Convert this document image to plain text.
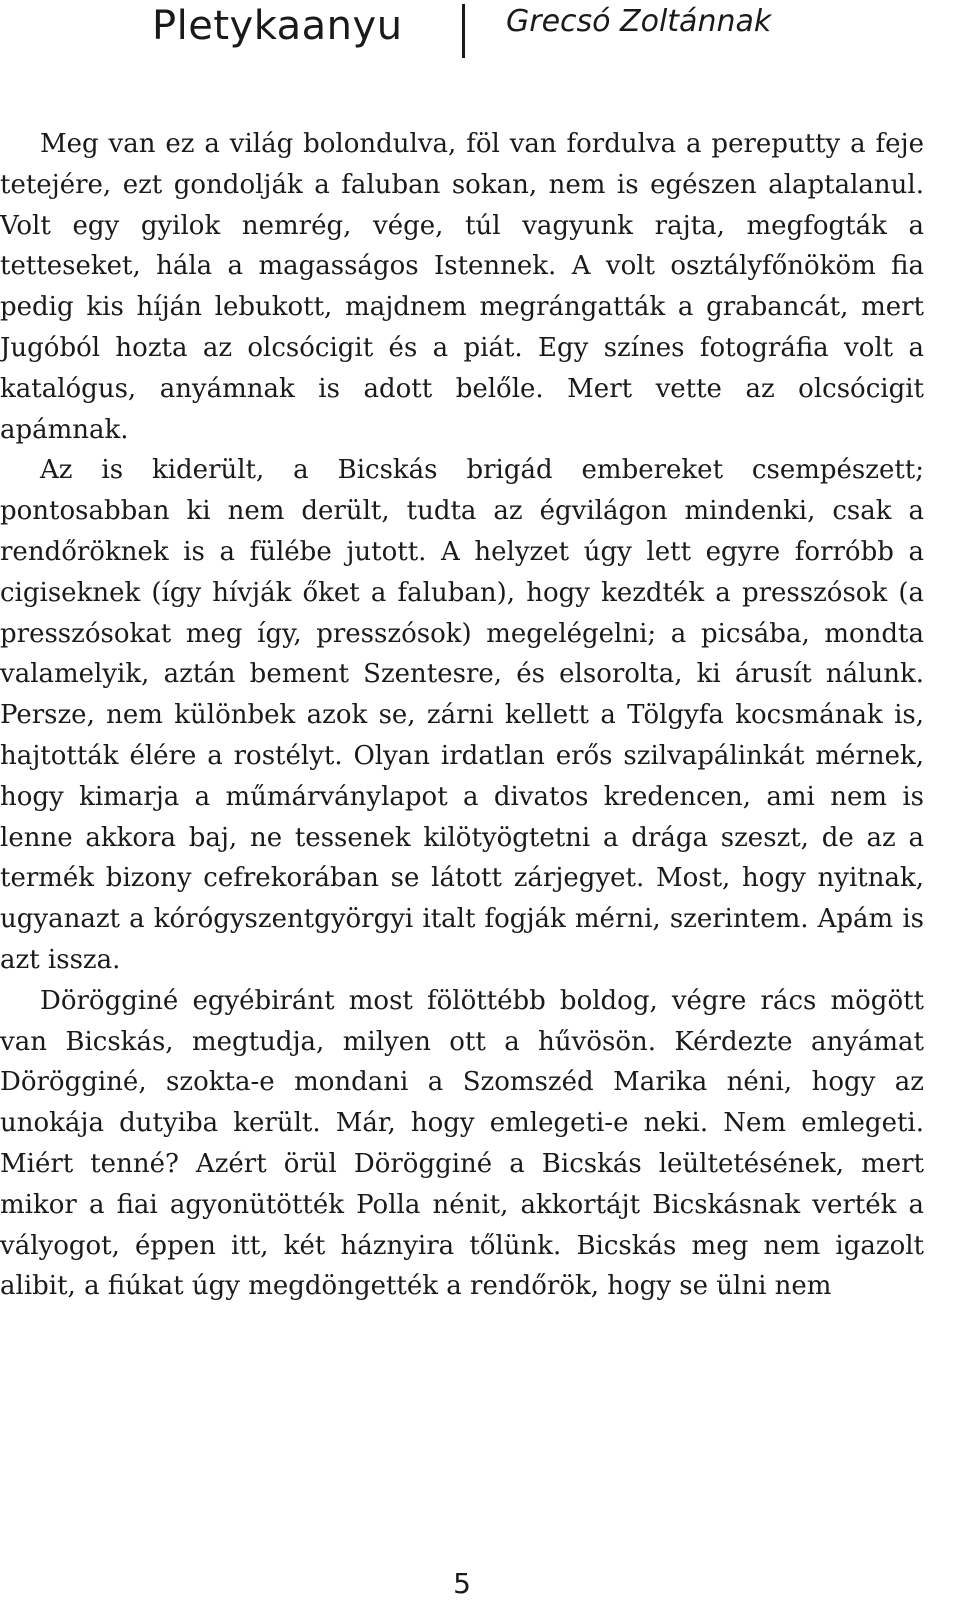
Pletykaanyu	Grecsó Zoltánnak

Meg van ez a világ bolondulva, föl van fordulva a pereputty a feje tetejére, ezt gondolják a faluban sokan, nem is egészen alaptalanul. Volt egy gyilok nemrég, vége, túl vagyunk rajta, megfogták a tetteseket, hála a magasságos Istennek. A volt osztályfőnököm fia pedig kis híján lebukott, majdnem megrángatták a grabancát, mert Jugóból hozta az olcsócigit és a piát. Egy színes fotográfia volt a katalógus, anyámnak is adott belőle. Mert vette az olcsócigit apámnak.

Az is kiderült, a Bicskás brigád embereket csempészett; pontosabban ki nem derült, tudta az égvilágon mindenki, csak a rendőröknek is a fülébe jutott. A helyzet úgy lett egyre forróbb a cigiseknek (így hívják őket a faluban), hogy kezdték a presszósok (a presszósokat meg így, presszósok) megelégelni; a picsába, mondta valamelyik, aztán bement Szentesre, és elsorolta, ki árusít nálunk. Persze, nem különbek azok se, zárni kellett a Tölgyfa kocsmának is, hajtották élére a rostélyt. Olyan irdatlan erős szilvapálinkát mérnek, hogy kimarja a műmárványlapot a divatos kredencen, ami nem is lenne akkora baj, ne tessenek kilötyögtetni a drága szeszt, de az a termék bizony cefrekorában se látott zárjegyet. Most, hogy nyitnak, ugyanazt a kórógyszentgyörgyi italt fogják mérni, szerintem. Apám is azt issza.

Dörögginé egyébiránt most fölöttébb boldog, végre rács mögött van Bicskás, megtudja, milyen ott a hűvösön. Kérdezte anyámat Dörögginé, szokta-e mondani a Szomszéd Marika néni, hogy az unokája dutyiba került. Már, hogy emlegeti-e neki. Nem emlegeti. Miért tenné? Azért örül Dörögginé a Bicskás leültetésének, mert mikor a fiai agyonütötték Polla nénit, akkortájt Bicskásnak verték a vályogot, éppen itt, két háznyira tőlünk. Bicskás meg nem igazolt alibit, a fiúkat úgy megdöngették a rendőrök, hogy se ülni nem

5
